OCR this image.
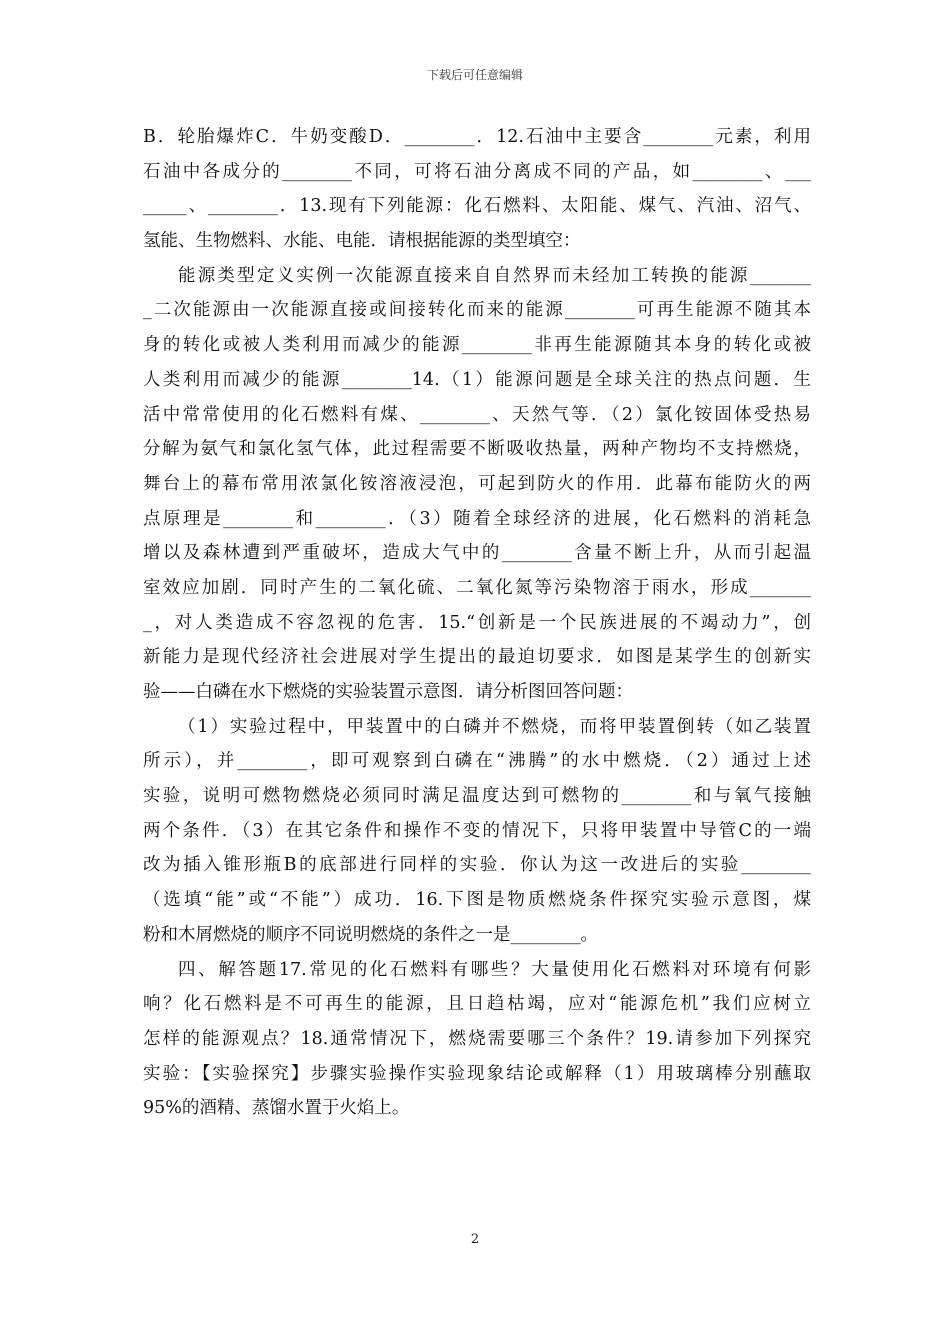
下载后可任意编辑
B．轮胎爆炸C．牛奶变酸D．________．12.石油中主要含________元素，利用
石油中各成分的________不同，可将石油分离成不同的产品，如________、___
_____、________．13.现有下列能源：化石燃料、太阳能、煤气、汽油、沼气、
氢能、生物燃料、水能、电能．请根据能源的类型填空：
能源类型定义实例一次能源直接来自自然界而未经加工转换的能源_______
_二次能源由一次能源直接或间接转化而来的能源________可再生能源不随其本
身的转化或被人类利用而减少的能源________非再生能源随其本身的转化或被
人类利用而减少的能源________14.（1）能源问题是全球关注的热点问题．生
活中常常使用的化石燃料有煤、________、天然气等．（2）氯化铵固体受热易
分解为氨气和氯化氢气体，此过程需要不断吸收热量，两种产物均不支持燃烧，
舞台上的幕布常用浓氯化铵溶液浸泡，可起到防火的作用．此幕布能防火的两
点原理是________和________．（3）随着全球经济的进展，化石燃料的消耗急
增以及森林遭到严重破坏，造成大气中的________含量不断上升，从而引起温
室效应加剧．同时产生的二氧化硫、二氧化氮等污染物溶于雨水，形成_______
_，对人类造成不容忽视的危害．15.“创新是一个民族进展的不竭动力”，创
新能力是现代经济社会进展对学生提出的最迫切要求．如图是某学生的创新实
验——白磷在水下燃烧的实验装置示意图．请分析图回答问题：
（1）实验过程中，甲装置中的白磷并不燃烧，而将甲装置倒转（如乙装置
所示），并________，即可观察到白磷在“沸腾”的水中燃烧．（2）通过上述
实验，说明可燃物燃烧必须同时满足温度达到可燃物的________和与氧气接触
两个条件．（3）在其它条件和操作不变的情况下，只将甲装置中导管C的一端
改为插入锥形瓶B的底部进行同样的实验．你认为这一改进后的实验________
（选填“能”或“不能”）成功．16.下图是物质燃烧条件探究实验示意图，煤
粉和木屑燃烧的顺序不同说明燃烧的条件之一是________。
四、解答题17.常见的化石燃料有哪些？大量使用化石燃料对环境有何影
响？化石燃料是不可再生的能源，且日趋枯竭，应对“能源危机”我们应树立
怎样的能源观点？18.通常情况下，燃烧需要哪三个条件？19.请参加下列探究
实验：【实验探究】步骤实验操作实验现象结论或解释（1）用玻璃棒分别蘸取
95%的酒精、蒸馏水置于火焰上。
2
